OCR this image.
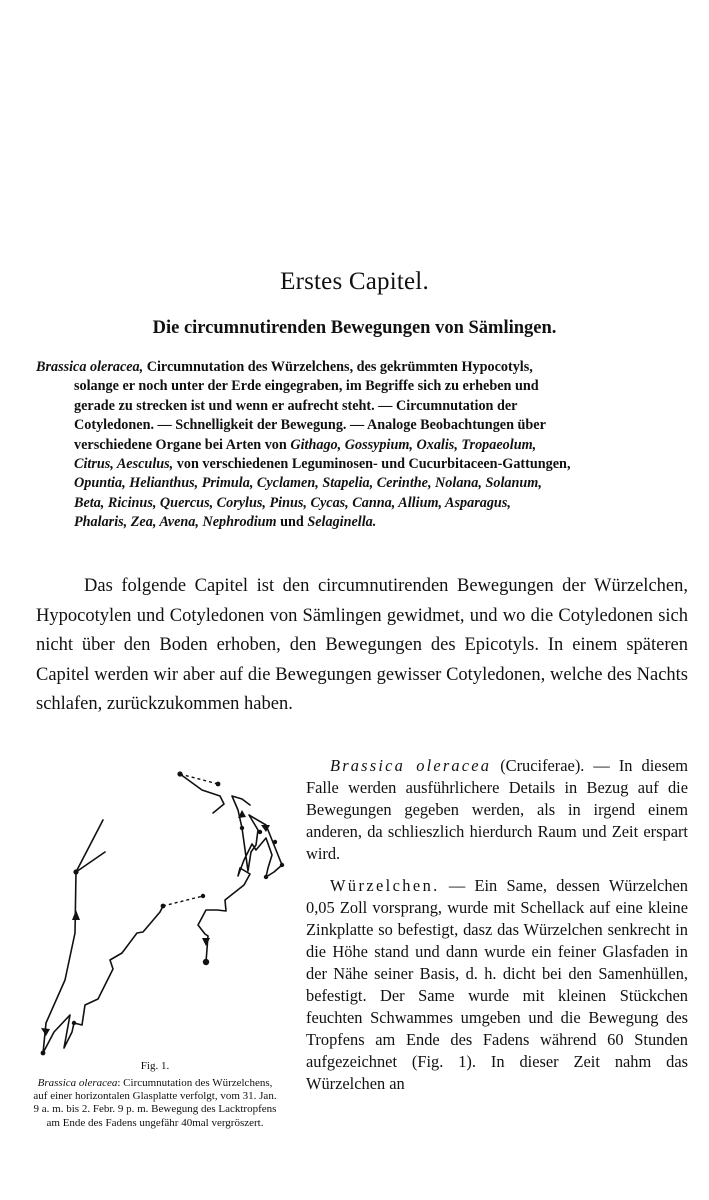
Erstes Capitel.
Die circumnutirenden Bewegungen von Sämlingen.
Brassica oleracea, Circumnutation des Würzelchens, des gekrümmten Hypocotyls,
solange er noch unter der Erde eingegraben, im Begriffe sich zu erheben und
gerade zu strecken ist und wenn er aufrecht steht. — Circumnutation der
Cotyledonen. — Schnelligkeit der Bewegung. — Analoge Beobachtungen über
verschiedene Organe bei Arten von Githago, Gossypium, Oxalis, Tropaeolum,
Citrus, Aesculus, von verschiedenen Leguminosen- und Cucurbitaceen-Gattungen,
Opuntia, Helianthus, Primula, Cyclamen, Stapelia, Cerinthe, Nolana, Solanum,
Beta, Ricinus, Quercus, Corylus, Pinus, Cycas, Canna, Allium, Asparagus,
Phalaris, Zea, Avena, Nephrodium und Selaginella.
Das folgende Capitel ist den circumnutirenden Bewegungen der Würzelchen, Hypocotylen und Cotyledonen von Sämlingen gewidmet, und wo die Cotyledonen sich nicht über den Boden erhoben, den Bewegungen des Epicotyls. In einem späteren Capitel werden wir aber auf die Bewegungen gewisser Cotyledonen, welche des Nachts schlafen, zurückzukommen haben.
Fig. 1.
Brassica oleracea: Circumnutation des Würzelchens, auf einer horizontalen Glasplatte verfolgt, vom 31. Jan. 9 a. m. bis 2. Febr. 9 p. m. Bewegung des Lacktropfens am Ende des Fadens ungefähr 40mal vergröszert.

Brassica oleracea (Cruciferae). — In diesem Falle werden ausführlichere Details in Bezug auf die Bewegungen gegeben werden, als in irgend einem anderen, da schlieszlich hierdurch Raum und Zeit erspart wird.

Würzelchen. — Ein Same, dessen Würzelchen 0,05 Zoll vorsprang, wurde mit Schellack auf eine kleine Zinkplatte so befestigt, dasz das Würzelchen senkrecht in die Höhe stand und dann wurde ein feiner Glasfaden in der Nähe seiner Basis, d. h. dicht bei den Samenhüllen, befestigt. Der Same wurde mit kleinen Stückchen feuchten Schwammes umgeben und die Bewegung des Tropfens am Ende des Fadens während 60 Stunden aufgezeichnet (Fig. 1). In dieser Zeit nahm das Würzelchen an
